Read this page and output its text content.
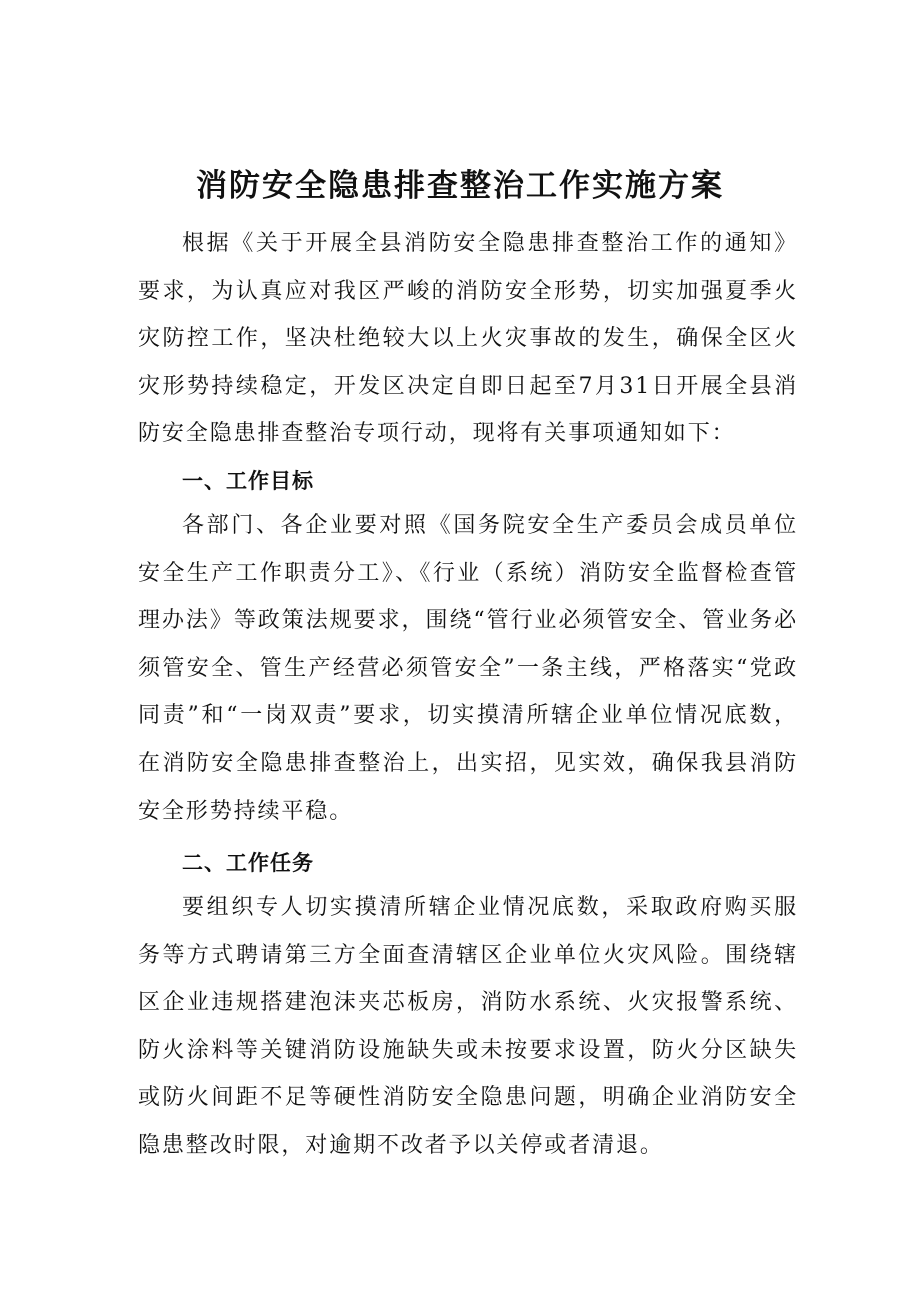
消防安全隐患排查整治工作实施方案

根据《关于开展全县消防安全隐患排查整治工作的通知》要求，为认真应对我区严峻的消防安全形势，切实加强夏季火灾防控工作，坚决杜绝较大以上火灾事故的发生，确保全区火灾形势持续稳定，开发区决定自即日起至7月31日开展全县消防安全隐患排查整治专项行动，现将有关事项通知如下：

一、工作目标

各部门、各企业要对照《国务院安全生产委员会成员单位安全生产工作职责分工》、《行业（系统）消防安全监督检查管理办法》等政策法规要求，围绕“管行业必须管安全、管业务必须管安全、管生产经营必须管安全”一条主线，严格落实“党政同责”和“一岗双责”要求，切实摸清所辖企业单位情况底数，在消防安全隐患排查整治上，出实招，见实效，确保我县消防安全形势持续平稳。

二、工作任务

要组织专人切实摸清所辖企业情况底数，采取政府购买服务等方式聘请第三方全面查清辖区企业单位火灾风险。围绕辖区企业违规搭建泡沫夹芯板房，消防水系统、火灾报警系统、防火涂料等关键消防设施缺失或未按要求设置，防火分区缺失或防火间距不足等硬性消防安全隐患问题，明确企业消防安全隐患整改时限，对逾期不改者予以关停或者清退。
